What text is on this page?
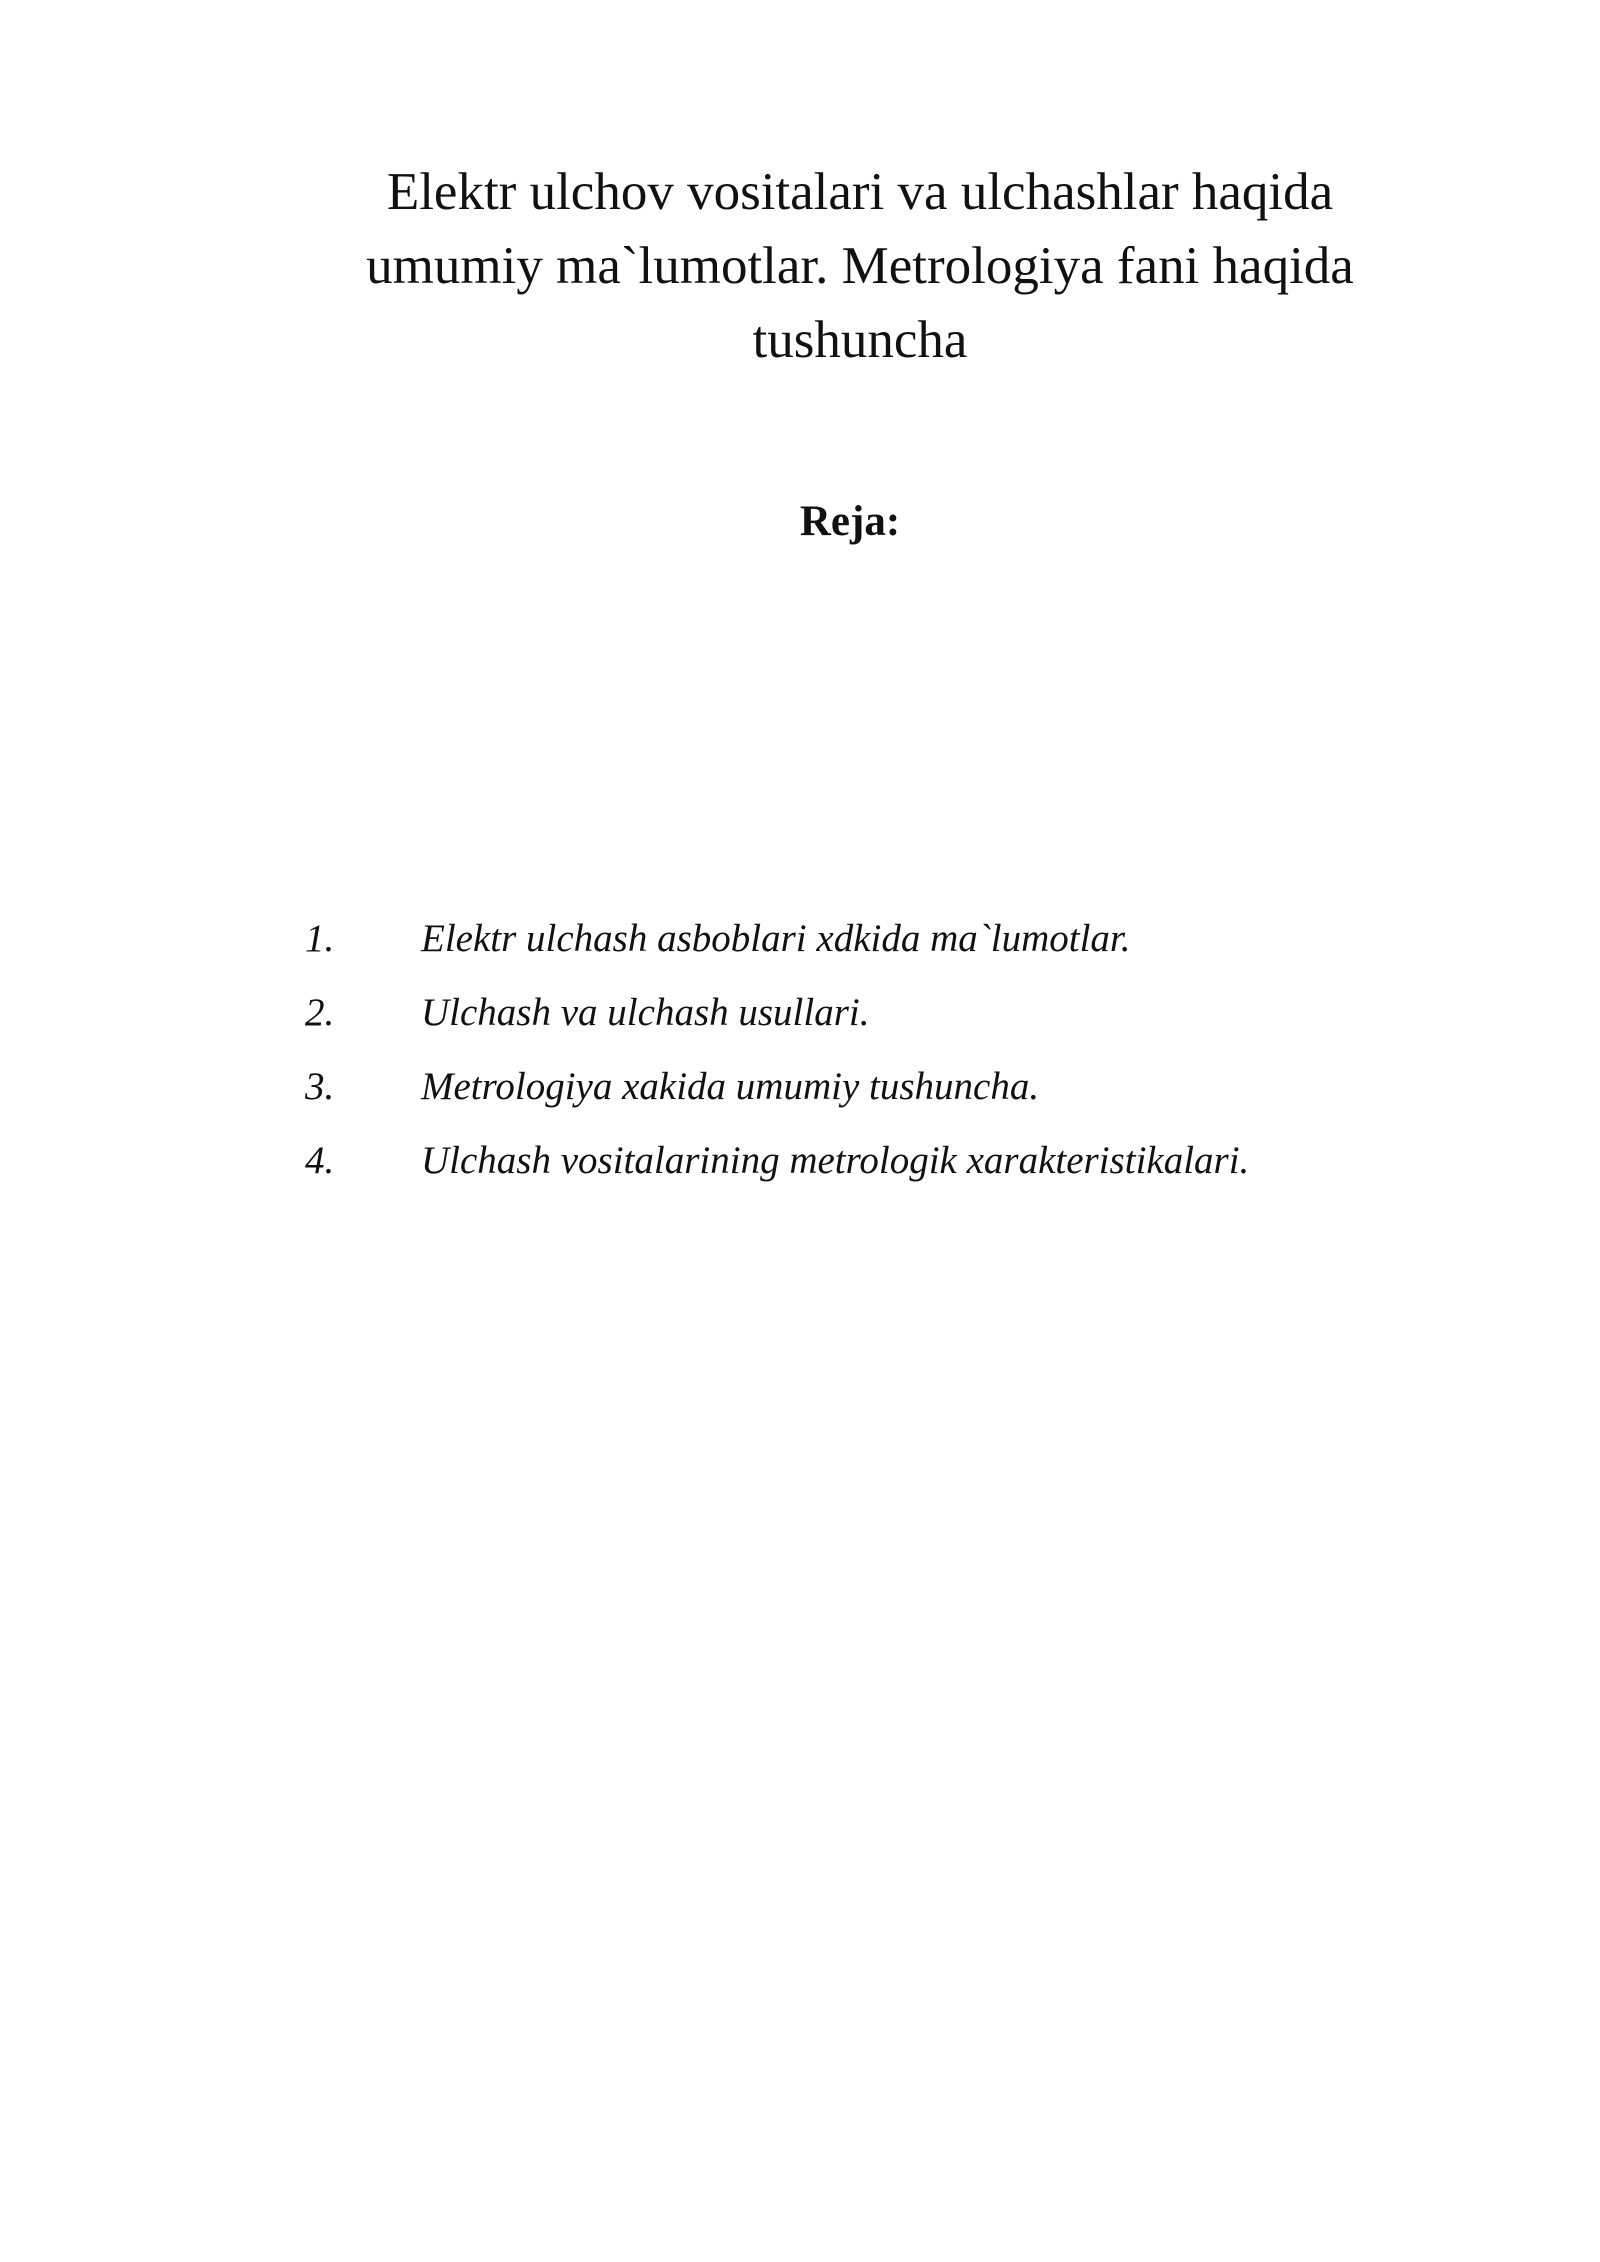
Elektr ulchov vositalari va ulchashlar haqida
umumiy ma`lumotlar. Metrologiya fani haqida
tushuncha
Reja:
1.	Elektr ulchash asboblari xdkida ma`lumotlar.
2.	Ulchash va ulchash usullari.
3.	Metrologiya xakida umumiy tushuncha.
4.	Ulchash vositalarining metrologik xarakteristikalari.
